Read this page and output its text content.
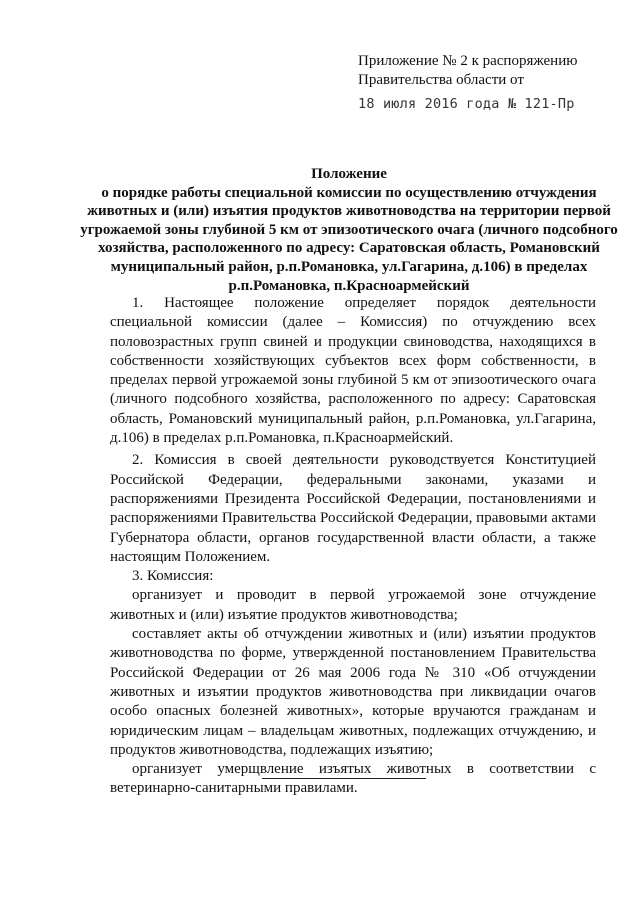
Приложение № 2 к распоряжению
Правительства области от
18 июля 2016 года № 121-Пр
Положение
о порядке работы специальной комиссии по осуществлению отчуждения животных и (или) изъятия продуктов животноводства на территории первой угрожаемой зоны глубиной 5 км от эпизоотического очага (личного подсобного хозяйства, расположенного по адресу: Саратовская область, Романовский муниципальный район, р.п.Романовка, ул.Гагарина, д.106) в пределах р.п.Романовка, п.Красноармейский

1. Настоящее положение определяет порядок деятельности специальной комиссии (далее – Комиссия) по отчуждению всех половозрастных групп свиней и продукции свиноводства, находящихся в собственности хозяйствующих субъектов всех форм собственности, в пределах первой угрожаемой зоны глубиной 5 км от эпизоотического очага (личного подсобного хозяйства, расположенного по адресу: Саратовская область, Романовский муниципальный район, р.п.Романовка, ул.Гагарина, д.106) в пределах р.п.Романовка, п.Красноармейский.

2. Комиссия в своей деятельности руководствуется Конституцией Российской Федерации, федеральными законами, указами и распоряжениями Президента Российской Федерации, постановлениями и распоряжениями Правительства Российской Федерации, правовыми актами Губернатора области, органов государственной власти области, а также настоящим Положением.

3. Комиссия:

организует и проводит в первой угрожаемой зоне отчуждение животных и (или) изъятие продуктов животноводства;

составляет акты об отчуждении животных и (или) изъятии продуктов животноводства по форме, утвержденной постановлением Правительства Российской Федерации от 26 мая 2006 года № 310 «Об отчуждении животных и изъятии продуктов животноводства при ликвидации очагов особо опасных болезней животных», которые вручаются гражданам и юридическим лицам – владельцам животных, подлежащих отчуждению, и продуктов животноводства, подлежащих изъятию;

организует умерщвление изъятых животных в соответствии с ветеринарно-санитарными правилами.
